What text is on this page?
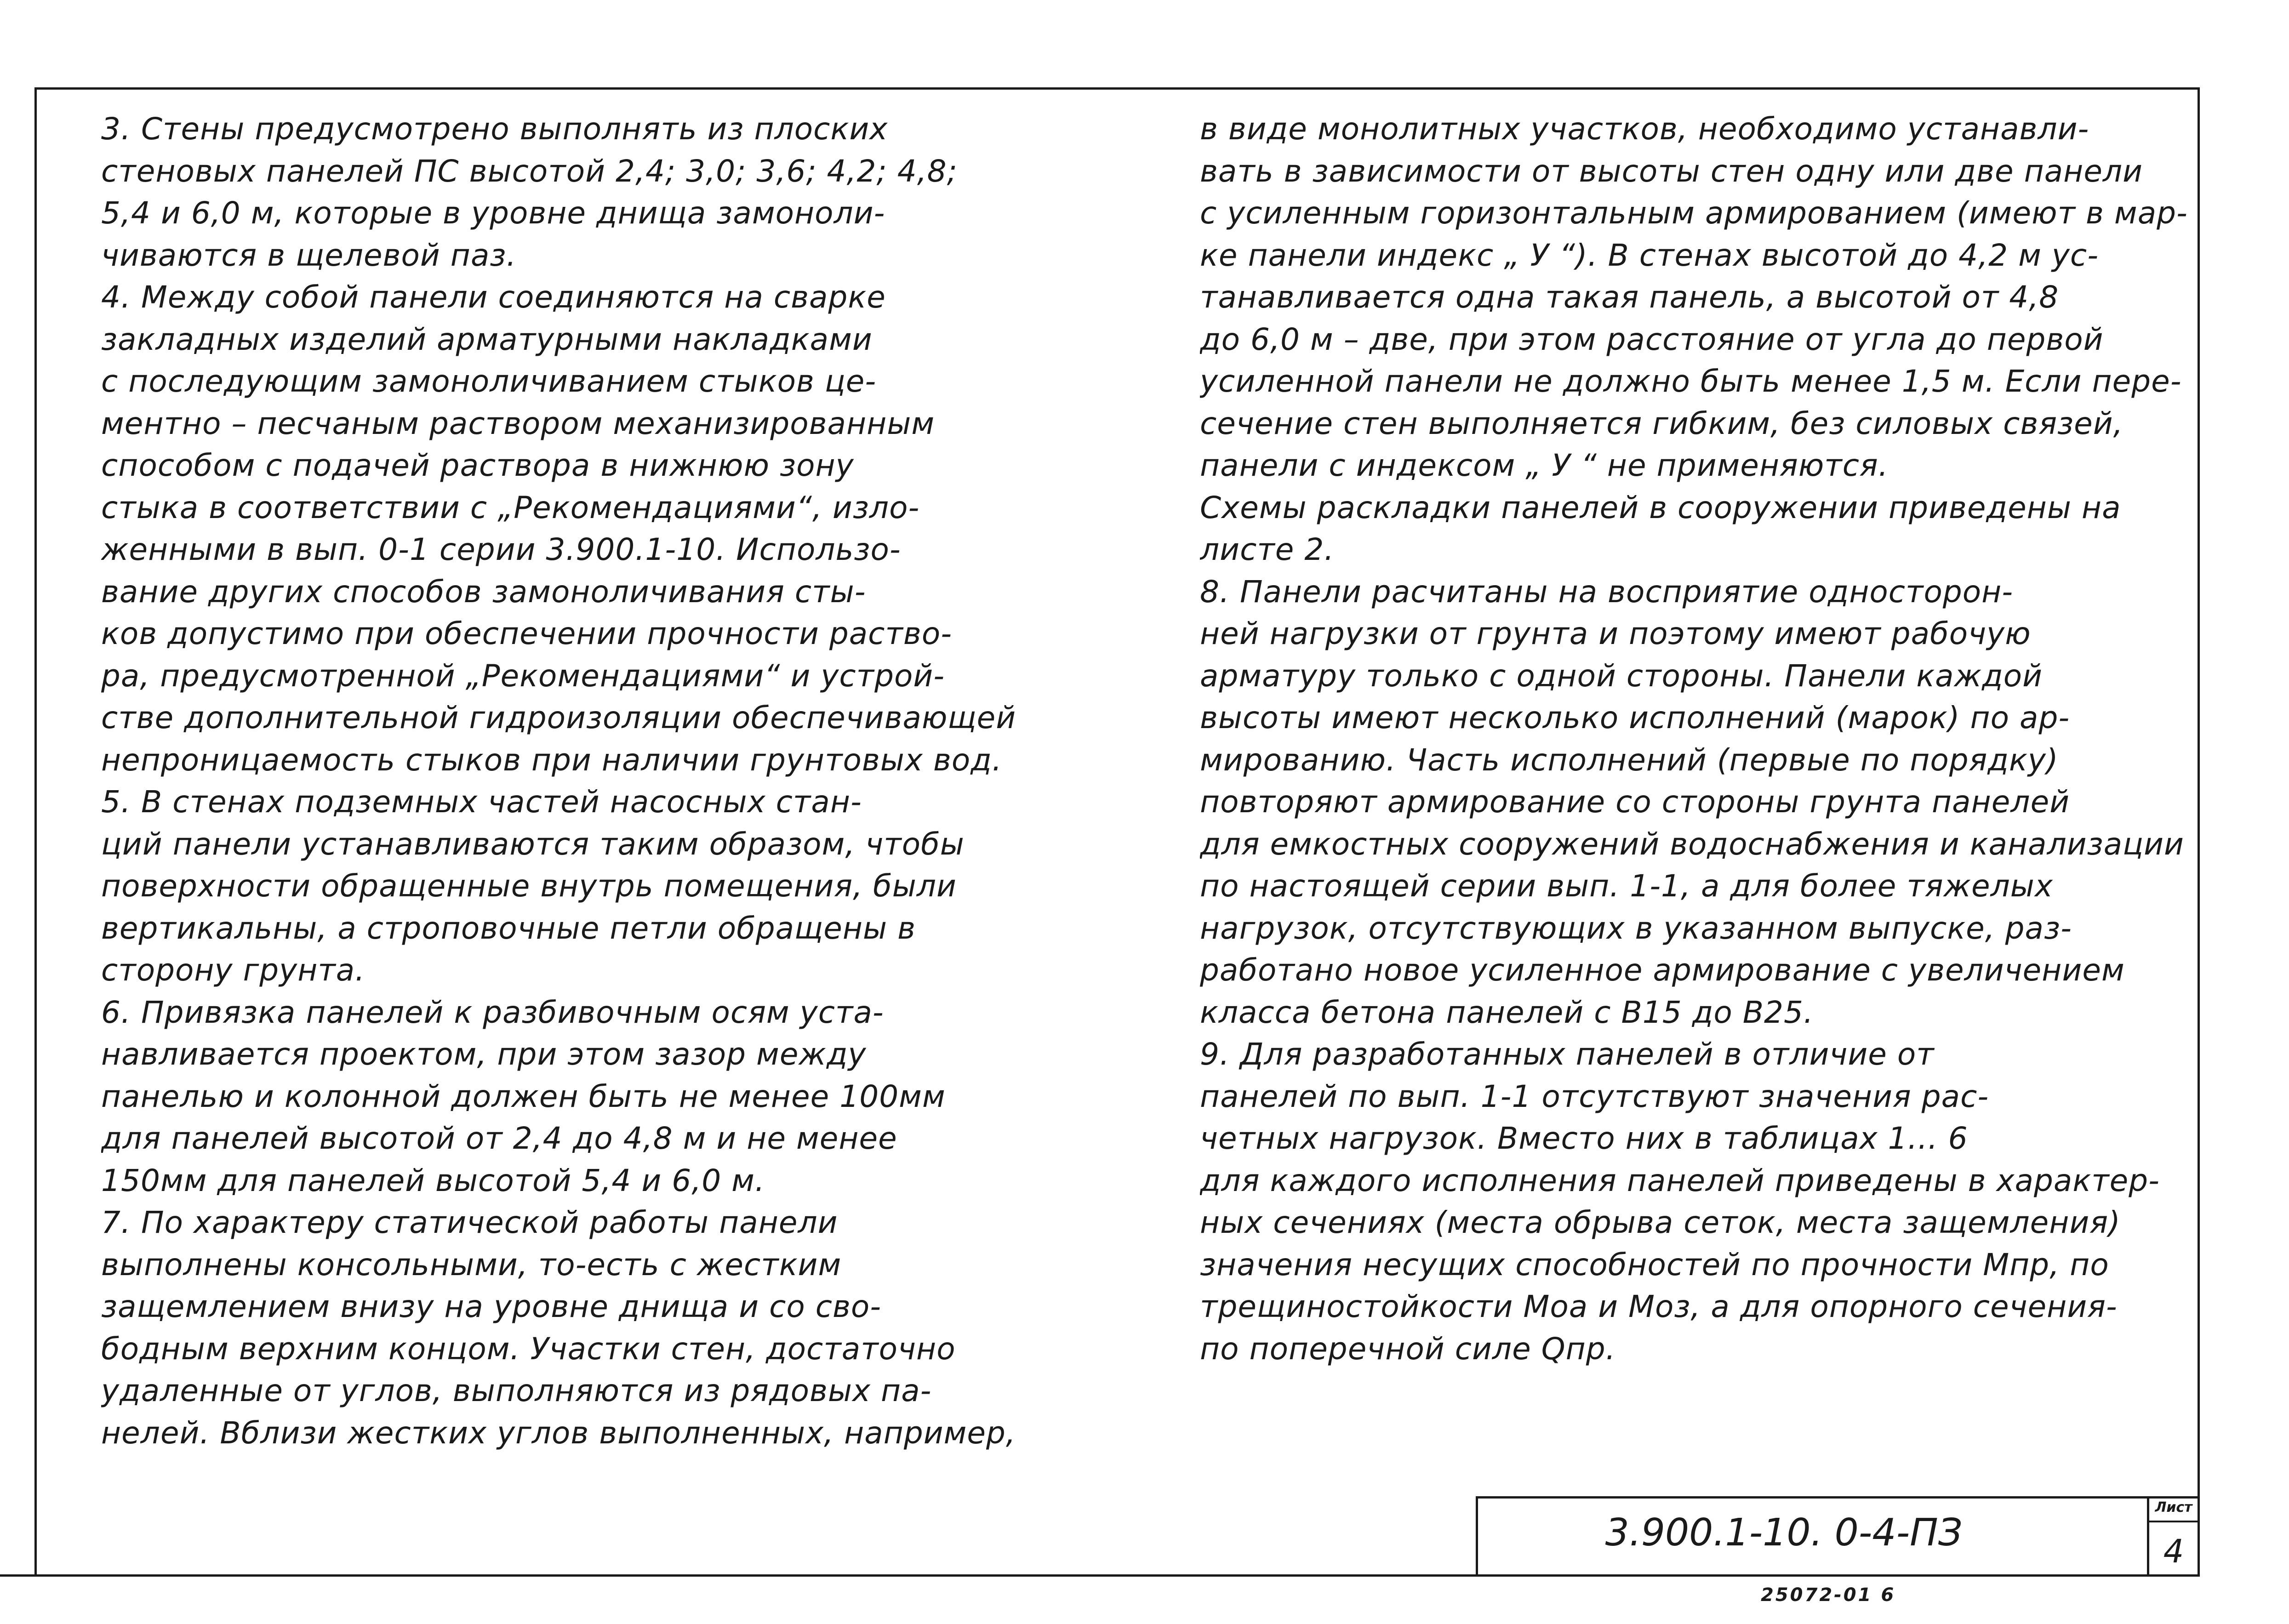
3. Стены предусмотрено выполнять из плоских
стеновых панелей ПС высотой 2,4; 3,0; 3,6; 4,2; 4,8;
5,4 и 6,0 м, которые в уровне днища замоноли-
чиваются в щелевой паз.
4. Между собой панели соединяются на сварке
закладных изделий арматурными накладками
с последующим замоноличиванием стыков це-
ментно – песчаным раствором механизированным
способом с подачей раствора в нижнюю зону
стыка в соответствии с „Рекомендациями“, изло-
женными в вып. 0-1 серии 3.900.1-10. Использо-
вание других способов замоноличивания сты-
ков допустимо при обеспечении прочности раство-
ра, предусмотренной „Рекомендациями“ и устрой-
стве дополнительной гидроизоляции обеспечивающей
непроницаемость стыков при наличии грунтовых вод.
5. В стенах подземных частей насосных стан-
ций панели устанавливаются таким образом, чтобы
поверхности обращенные внутрь помещения, были
вертикальны, а строповочные петли обращены в
сторону грунта.
6. Привязка панелей к разбивочным осям уста-
навливается проектом, при этом зазор между
панелью и колонной должен быть не менее 100мм
для панелей высотой от 2,4 до 4,8 м и не менее
150мм для панелей высотой 5,4 и 6,0 м.
7. По характеру статической работы панели
выполнены консольными, то-есть с жестким
защемлением внизу на уровне днища и со сво-
бодным верхним концом. Участки стен, достаточно
удаленные от углов, выполняются из рядовых па-
нелей. Вблизи жестких углов выполненных, например,
в виде монолитных участков, необходимо устанавли-
вать в зависимости от высоты стен одну или две панели
с усиленным горизонтальным армированием (имеют в мар-
ке панели индекс „ У “). В стенах высотой до 4,2 м ус-
танавливается одна такая панель, а высотой от 4,8
до 6,0 м – две, при этом расстояние от угла до первой
усиленной панели не должно быть менее 1,5 м. Если пере-
сечение стен выполняется гибким, без силовых связей,
панели с индексом „ У “ не применяются.
Схемы раскладки панелей в сооружении приведены на
листе 2.
8. Панели расчитаны на восприятие одностoрон-
ней нагрузки от грунта и поэтому имеют рабочую
арматуру только с одной стороны. Панели каждой
высоты имеют несколько исполнений (марок) по ар-
мированию. Часть исполнений (первые по порядку)
повторяют армирование со стороны грунта панелей
для емкостных сооружений водоснабжения и канализации
по настоящей серии вып. 1-1, а для более тяжелых
нагрузок, отсутствующих в указанном выпуске, раз-
работано новое усиленное армирование с увеличением
класса бетона панелей с В15 до В25.
9. Для разработанных панелей в отличие от
панелей по вып. 1-1 отсутствуют значения рас-
четных нагрузок. Вместо них в таблицах 1... 6
для каждого исполнения панелей приведены в характер-
ных сечениях (места обрыва сеток, места защемления)
значения несущих способностей по прочности Мпр, по
трещиностойкости Моа и Моз, а для опорного сечения-
по поперечной силе Qпр.
3.900.1-10. 0-4-ПЗ
Лист
4
25072-01 6
